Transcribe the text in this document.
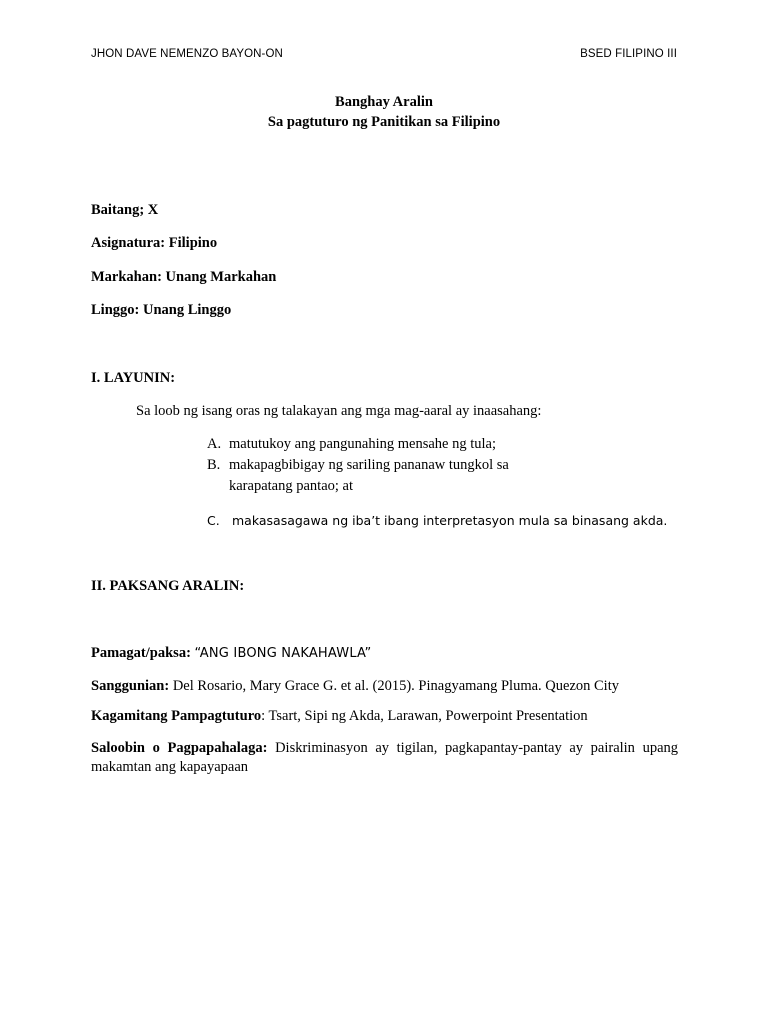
JHON DAVE NEMENZO BAYON-ON	BSED FILIPINO III
Banghay Aralin
Sa pagtuturo ng Panitikan sa Filipino
Baitang; X
Asignatura: Filipino
Markahan: Unang Markahan
Linggo: Unang Linggo
I. LAYUNIN:
Sa loob ng isang oras ng talakayan ang mga mag-aaral ay inaasahang:
A. matutukoy ang pangunahing mensahe ng tula;
B. makapagbibigay ng sariling pananaw tungkol sa
karapatang pantao; at
C. makasasagawa ng iba’t ibang interpretasyon mula sa binasang akda.
II. PAKSANG ARALIN:
Pamagat/paksa: “ANG IBONG NAKAHAWLA”
Sanggunian: Del Rosario, Mary Grace G. et al. (2015). Pinagyamang Pluma. Quezon City
Kagamitang Pampagtuturo: Tsart, Sipi ng Akda, Larawan, Powerpoint Presentation
Saloobin o Pagpapahalaga: Diskriminasyon ay tigilan, pagkapantay-pantay ay pairalin upang makamtan ang kapayapaan
